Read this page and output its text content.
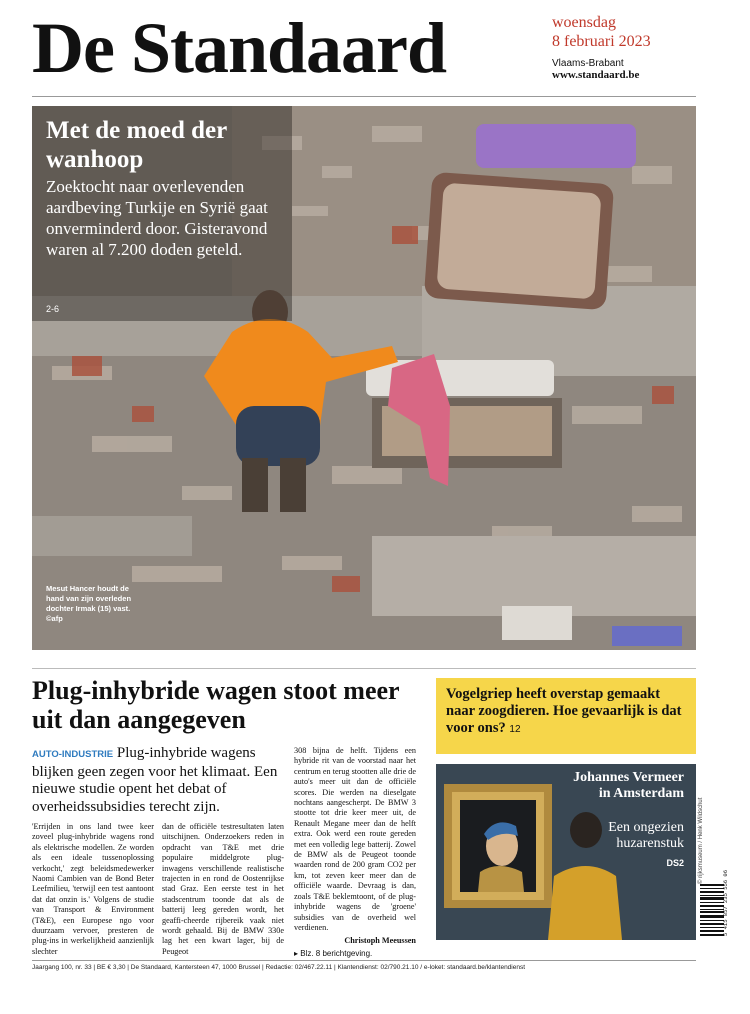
De Standaard	woensdag
8 februari 2023
Vlaams-Brabant
www.standaard.be
Met de moed der wanhoop
Zoektocht naar overlevenden aardbeving Turkije en Syrië gaat onverminderd door. Gisteravond waren al 7.200 doden geteld.
2-6
Mesut Hancer houdt de hand van zijn overleden dochter Irmak (15) vast. ©afp
Plug-inhybride wagen stoot meer uit dan aangegeven
AUTO-INDUSTRIE Plug-inhybride wagens blijken geen zegen voor het klimaat. Een nieuwe studie opent het debat of overheidssubsidies terecht zijn.

'Errijden in ons land twee keer zoveel plug-inhybride wagens rond als elektrische modellen. Ze worden als een ideale tussenoplossing verkocht,' zegt beleidsmedewerker Naomi Cambien van de Bond Beter Leefmilieu, 'terwijl een test aantoont dat dat onzin is.' Volgens de studie van Transport & Environment (T&E), een Europese ngo voor duurzaam vervoer, presteren de plug-ins in werkelijkheid aanzienlijk slechter

dan de officiële testresultaten laten uitschijnen. Onderzoekers reden in opdracht van T&E met drie populaire middelgrote plug-inwagens verschillende realistische trajecten in en rond de Oostenrijkse stad Graz. Een eerste test in het stadscentrum toonde dat als de batterij leeg gereden wordt, het geaffi-cheerde rijbereik vaak niet wordt gehaald. Bij de BMW 330e lag het een kwart lager, bij de Peugeot

308 bijna de helft. Tijdens een hybride rit van de voorstad naar het centrum en terug stootten alle drie de auto's meer uit dan de officiële scores. Die werden na dieselgate nochtans aangescherpt. De BMW 3 stootte tot drie keer meer uit, de Renault Megane meer dan de helft extra. Ook werd een route gereden met een volledig lege batterij. Zowel de BMW als de Peugeot toonde waarden rond de 200 gram CO2 per km, tot zeven keer meer dan de officiële waarde. Devraag is dan, zoals T&E beklemtoont, of de plug-inhybride wagens de 'groene' subsidies van de overheid wel verdienen.

Christoph Meeussen

▸ Blz. 8 berichtgeving.

Vogelgriep heeft overstap gemaakt naar zoogdieren. Hoe gevaarlijk is dat voor ons? 12
Johannes Vermeer in Amsterdam
Een ongezien huzarenstuk
DS2 © rijksmuseum / Henk Wildschut
5 415 857 235 556 06
Jaargang 100, nr. 33 | BE € 3,30 | De Standaard, Kantersteen 47, 1000 Brussel | Redactie: 02/467.22.11 | Klantendienst: 02/790.21.10 / e-loket: standaard.be/klantendienst
